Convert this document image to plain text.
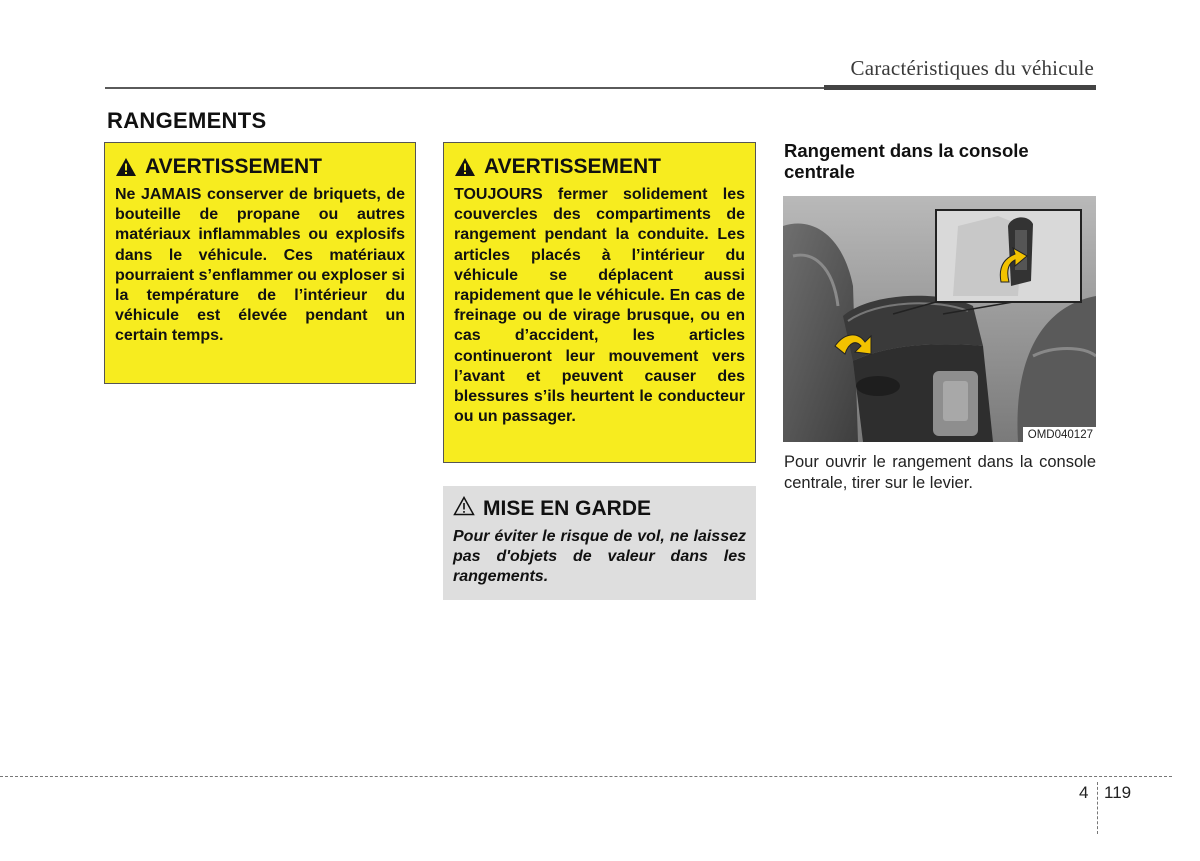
Caractéristiques du véhicule
RANGEMENTS
AVERTISSEMENT

Ne JAMAIS conserver de briquets, de bouteille de propane ou autres matériaux inflammables ou explosifs dans le véhicule. Ces matériaux pourraient s’enflammer ou exploser si la température de l’intérieur du véhicule est élevée pendant un certain temps.

AVERTISSEMENT

TOUJOURS fermer solidement les couvercles des compartiments de rangement pendant la conduite. Les articles placés à l’intérieur du véhicule se déplacent aussi rapidement que le véhicule. En cas de freinage ou de virage brusque, ou en cas d’accident, les articles continueront leur mouvement vers l’avant et peuvent causer des blessures s’ils heurtent le conducteur ou un passager.

MISE EN GARDE

Pour éviter le risque de vol, ne laissez pas d'objets de valeur dans les rangements.

Rangement dans la console centrale
OMD040127

Pour ouvrir le rangement dans la console centrale, tirer sur le levier.

4 119
